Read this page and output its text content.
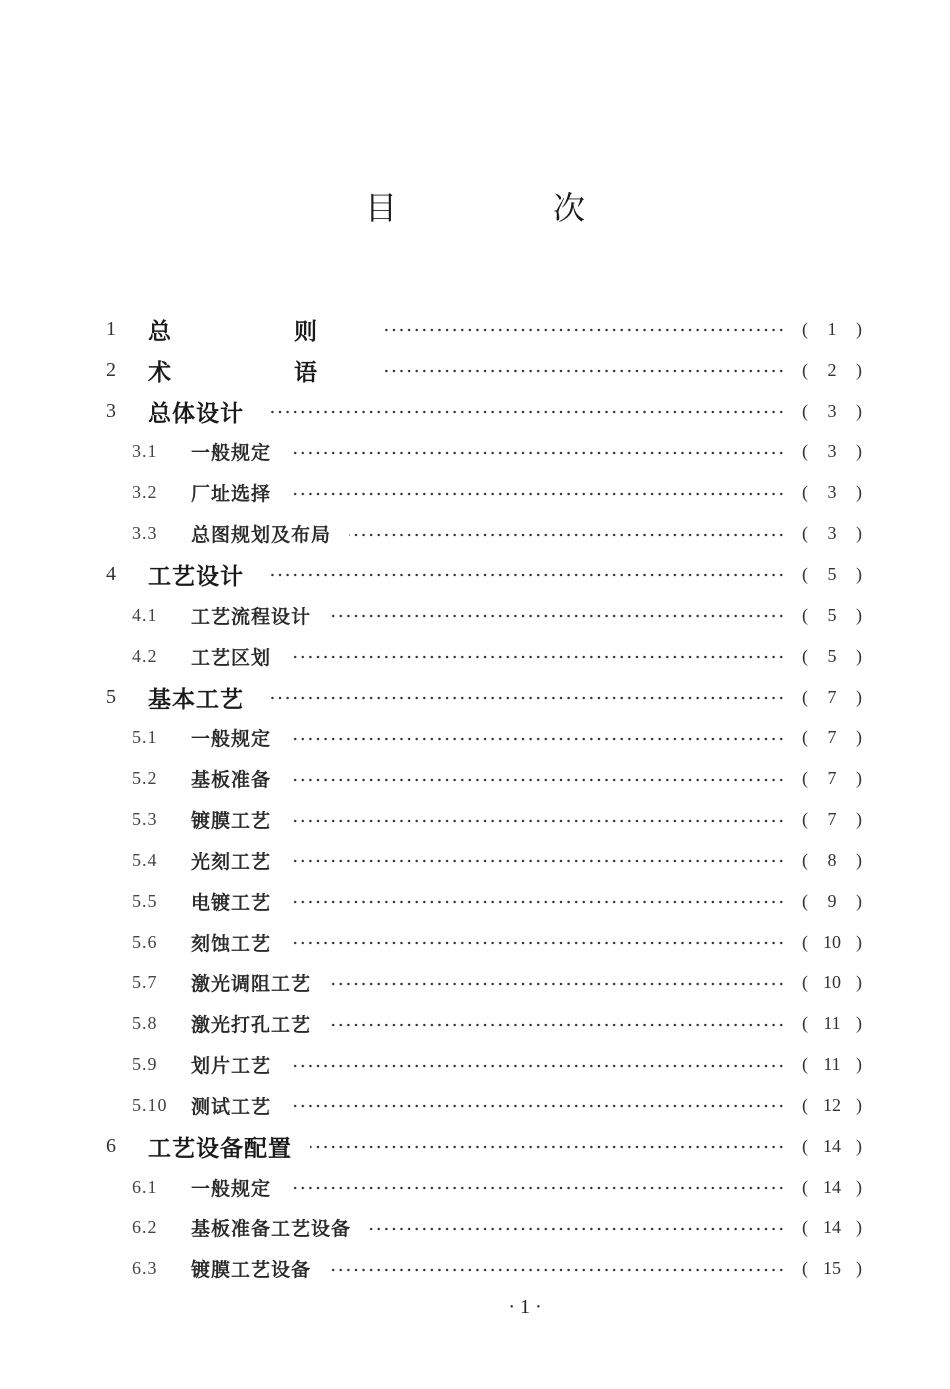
目　次
1 总　则	(	1	)
2 术　语	(	2	)
3 总体设计	(	3	)
3.1 一般规定	(	3	)
3.2 厂址选择	(	3	)
3.3 总图规划及布局	(	3	)
4 工艺设计	(	5	)
4.1 工艺流程设计	(	5	)
4.2 工艺区划	(	5	)
5 基本工艺	(	7	)
5.1 一般规定	(	7	)
5.2 基板准备	(	7	)
5.3 镀膜工艺	(	7	)
5.4 光刻工艺	(	8	)
5.5 电镀工艺	(	9	)
5.6 刻蚀工艺	( 10 )
5.7 激光调阻工艺	( 10 )
5.8 激光打孔工艺	( 11 )
5.9 划片工艺	( 11 )
5.10 测试工艺	( 12 )
6 工艺设备配置	( 14 )
6.1 一般规定	( 14 )
6.2 基板准备工艺设备	( 14 )
6.3 镀膜工艺设备	( 15 )
· 1 ·
